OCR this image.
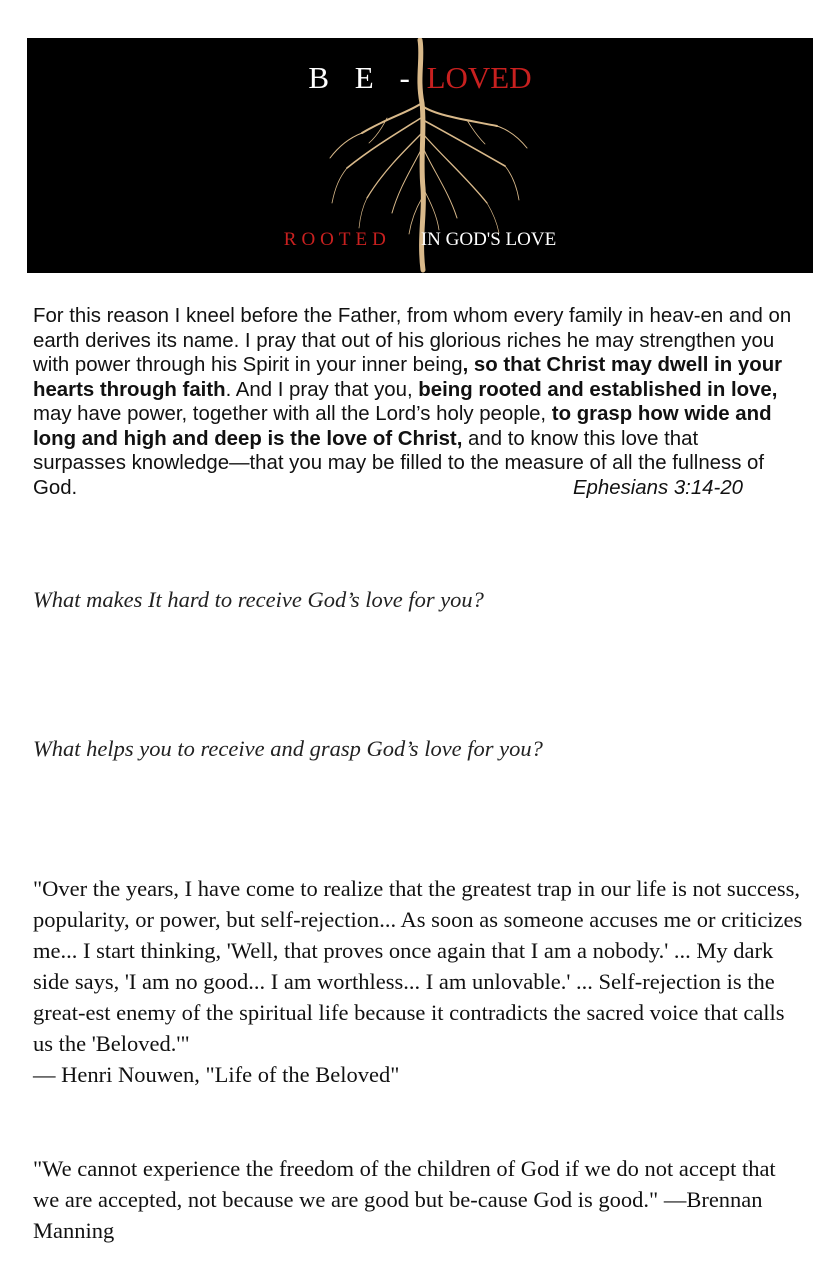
B E - LOVED
ROOTED IN GOD'S LOVE
For this reason I kneel before the Father, from whom every family in heav-en and on earth derives its name. I pray that out of his glorious riches he may strengthen you with power through his Spirit in your inner being, so that Christ may dwell in your hearts through faith. And I pray that you, being rooted and established in love, may have power, together with all the Lord’s holy people, to grasp how wide and long and high and deep is the love of Christ, and to know this love that surpasses knowledge—that you may be filled to the measure of all the fullness of God.	Ephesians 3:14-20
What makes It hard to receive God’s love for you?
What helps you to receive and grasp God’s love for you?
"Over the years, I have come to realize that the greatest trap in our life is not success, popularity, or power, but self-rejection... As soon as someone accuses me or criticizes me... I start thinking, 'Well, that proves once again that I am a nobody.' ... My dark side says, 'I am no good... I am worthless... I am unlovable.' ... Self-rejection is the great-est enemy of the spiritual life because it contradicts the sacred voice that calls us the 'Beloved.'"
― Henri Nouwen, "Life of the Beloved"
"We cannot experience the freedom of the children of God if we do not accept that we are accepted, not because we are good but be-cause God is good." ―Brennan Manning
